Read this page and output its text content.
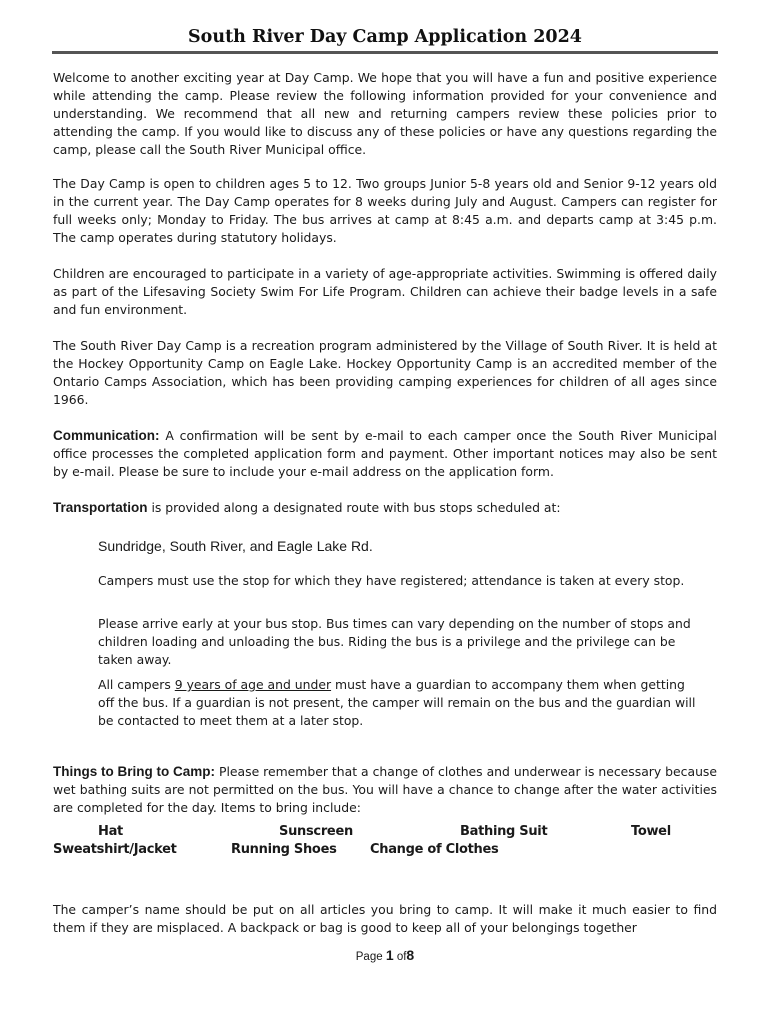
South River Day Camp Application 2024

Welcome to another exciting year at Day Camp. We hope that you will have a fun and positive experience while attending the camp. Please review the following information provided for your convenience and understanding. We recommend that all new and returning campers review these policies prior to attending the camp. If you would like to discuss any of these policies or have any questions regarding the camp, please call the South River Municipal office.

The Day Camp is open to children ages 5 to 12. Two groups Junior 5-8 years old and Senior 9-12 years old in the current year. The Day Camp operates for 8 weeks during July and August. Campers can register for full weeks only; Monday to Friday. The bus arrives at camp at 8:45 a.m. and departs camp at 3:45 p.m. The camp operates during statutory holidays.

Children are encouraged to participate in a variety of age-appropriate activities. Swimming is offered daily as part of the Lifesaving Society Swim For Life Program. Children can achieve their badge levels in a safe and fun environment.

The South River Day Camp is a recreation program administered by the Village of South River. It is held at the Hockey Opportunity Camp on Eagle Lake. Hockey Opportunity Camp is an accredited member of the Ontario Camps Association, which has been providing camping experiences for children of all ages since 1966.

Communication: A confirmation will be sent by e-mail to each camper once the South River Municipal office processes the completed application form and payment. Other important notices may also be sent by e-mail. Please be sure to include your e-mail address on the application form.

Transportation is provided along a designated route with bus stops scheduled at:

Sundridge, South River, and Eagle Lake Rd.

Campers must use the stop for which they have registered; attendance is taken at every stop.

Please arrive early at your bus stop. Bus times can vary depending on the number of stops and children loading and unloading the bus. Riding the bus is a privilege and the privilege can be taken away.

All campers 9 years of age and under must have a guardian to accompany them when getting off the bus. If a guardian is not present, the camper will remain on the bus and the guardian will be contacted to meet them at a later stop.

Things to Bring to Camp: Please remember that a change of clothes and underwear is necessary because wet bathing suits are not permitted on the bus. You will have a chance to change after the water activities are completed for the day. Items to bring include:

Hat	Sunscreen	Bathing Suit	Towel
Sweatshirt/Jacket	Running Shoes	Change of Clothes

The camper’s name should be put on all articles you bring to camp. It will make it much easier to find them if they are misplaced. A backpack or bag is good to keep all of your belongings together

Page 1 of8
